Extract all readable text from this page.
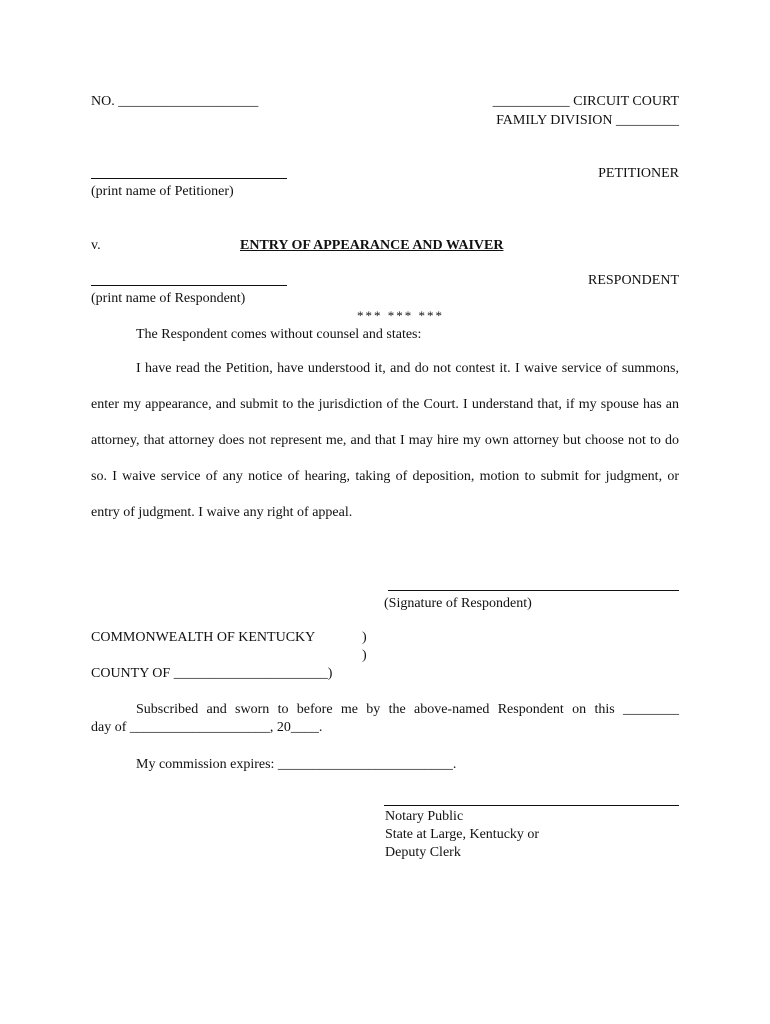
NO. ____________________	___________ CIRCUIT COURT
FAMILY DIVISION _________
PETITIONER
(print name of Petitioner)
v.	ENTRY OF APPEARANCE AND WAIVER
RESPONDENT
(print name of Respondent)
*** *** ***
The Respondent comes without counsel and states:
I have read the Petition, have understood it, and do not contest it. I waive service of summons, enter my appearance, and submit to the jurisdiction of the Court. I understand that, if my spouse has an attorney, that attorney does not represent me, and that I may hire my own attorney but choose not to do so. I waive service of any notice of hearing, taking of deposition, motion to submit for judgment, or entry of judgment. I waive any right of appeal.
(Signature of Respondent)
COMMONWEALTH OF KENTUCKY	)
)
COUNTY OF ______________________)
Subscribed and sworn to before me by the above-named Respondent on this ________
day of ____________________, 20____.
My commission expires: _________________________.
Notary Public
State at Large, Kentucky or
Deputy Clerk
